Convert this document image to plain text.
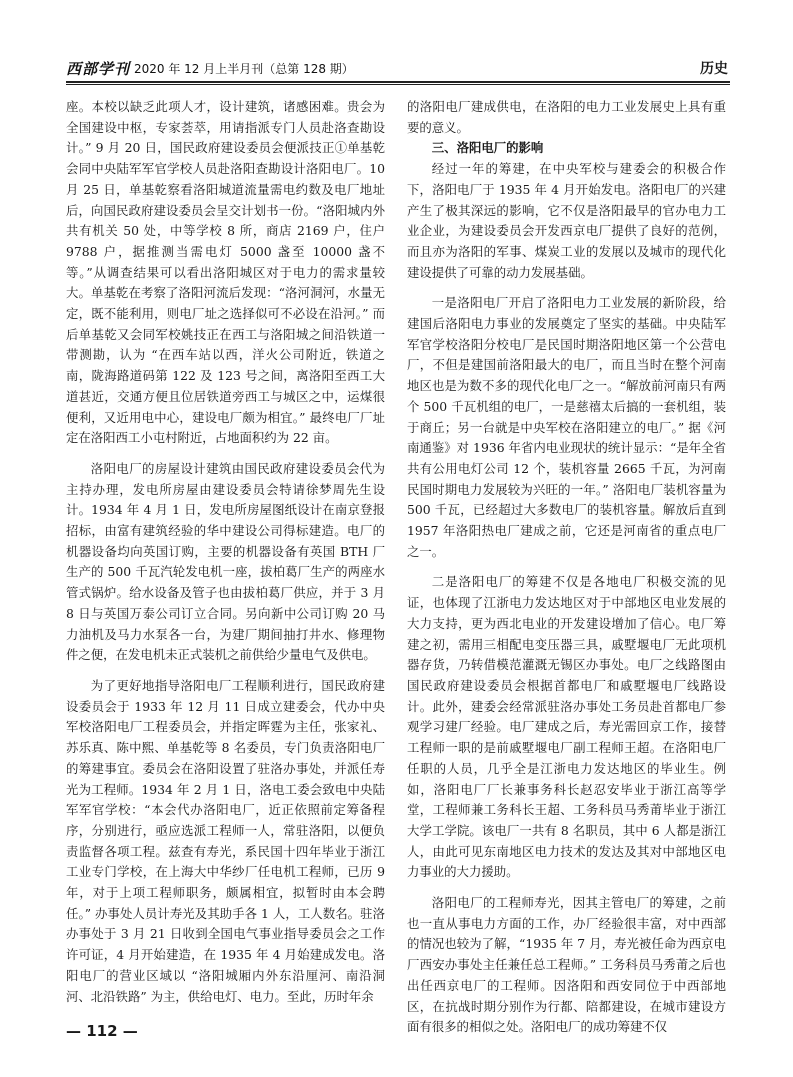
西部学刊 2020 年 12 月上半月刊（总第 128 期）	历史

座。本校以缺乏此项人才，设计建筑，诸感困难。贵会为全国建设中枢，专家荟萃，用请指派专门人员赴洛查勘设计。” 9 月 20 日，国民政府建设委员会便派技正①单基乾会同中央陆军军官学校人员赴洛阳查勘设计洛阳电厂。10 月 25 日，单基乾察看洛阳城道流量需电约数及电厂地址后，向国民政府建设委员会呈交计划书一份。“洛阳城内外共有机关 50 处，中等学校 8 所，商店 2169 户，住户 9788 户，据推测当需电灯 5000 盏至 10000 盏不等。”从调查结果可以看出洛阳城区对于电力的需求量较大。单基乾在考察了洛阳河流后发现：“洛河洞河，水量无定，既不能利用，则电厂址之选择似可不必设在沿河。” 而后单基乾又会同军校姚技正在西工与洛阳城之间沿铁道一带测勘，认为 “在西车站以西，洋火公司附近，铁道之南，陇海路道码第 122 及 123 号之间，离洛阳至西工大道甚近，交通方便且位居铁道旁西工与城区之中，运煤很便利，又近用电中心，建设电厂颇为相宜。” 最终电厂厂址定在洛阳西工小屯村附近，占地面积约为 22 亩。

洛阳电厂的房屋设计建筑由国民政府建设委员会代为主持办理，发电所房屋由建设委员会特请徐梦周先生设计。1934 年 4 月 1 日，发电所房屋图纸设计在南京登报招标，由富有建筑经验的华中建设公司得标建造。电厂的机器设备均向英国订购，主要的机器设备有英国 BTH 厂生产的 500 千瓦汽轮发电机一座，拔柏葛厂生产的两座水管式锅炉。给水设备及管子也由拔柏葛厂供应，并于 3 月 8 日与英国万泰公司订立合同。另向新中公司订购 20 马力油机及马力水泵各一台，为建厂期间抽打井水、修理物件之便，在发电机未正式装机之前供给少量电气及供电。

为了更好地指导洛阳电厂工程顺利进行，国民政府建设委员会于 1933 年 12 月 11 日成立建委会，代办中央军校洛阳电厂工程委员会，并指定晖霆为主任，张家礼、苏乐真、陈中熙、单基乾等 8 名委员，专门负责洛阳电厂的筹建事宜。委员会在洛阳设置了驻洛办事处，并派任寿光为工程师。1934 年 2 月 1 日，洛电工委会致电中央陆军军官学校：“本会代办洛阳电厂，近正依照前定筹备程序，分别进行，亟应选派工程师一人，常驻洛阳，以便负责监督各项工程。兹查有寿光，系民国十四年毕业于浙江工业专门学校，在上海大中华纱厂任电机工程师，已历 9 年，对于上项工程师职务，颇属相宜，拟暂时由本会聘任。” 办事处人员计寿光及其助手各 1 人，工人数名。驻洛办事处于 3 月 21 日收到全国电气事业指导委员会之工作许可证，4 月开始建造，在 1935 年 4 月始建成发电。洛阳电厂的营业区域以 “洛阳城厢内外东沿厘河、南沿洞河、北沿铁路” 为主，供给电灯、电力。至此，历时年余

的洛阳电厂建成供电，在洛阳的电力工业发展史上具有重要的意义。

三、洛阳电厂的影响

经过一年的筹建，在中央军校与建委会的积极合作下，洛阳电厂于 1935 年 4 月开始发电。洛阳电厂的兴建产生了极其深远的影响，它不仅是洛阳最早的官办电力工业企业，为建设委员会开发西京电厂提供了良好的范例，而且亦为洛阳的军事、煤炭工业的发展以及城市的现代化建设提供了可靠的动力发展基础。

一是洛阳电厂开启了洛阳电力工业发展的新阶段，给建国后洛阳电力事业的发展奠定了坚实的基础。中央陆军军官学校洛阳分校电厂是民国时期洛阳地区第一个公营电厂，不但是建国前洛阳最大的电厂，而且当时在整个河南地区也是为数不多的现代化电厂之一。“解放前河南只有两个 500 千瓦机组的电厂，一是慈禧太后搞的一套机组，装于商丘；另一台就是中央军校在洛阳建立的电厂。” 据《河南通鉴》对 1936 年省内电业现状的统计显示：“是年全省共有公用电灯公司 12 个，装机容量 2665 千瓦，为河南民国时期电力发展较为兴旺的一年。” 洛阳电厂装机容量为 500 千瓦，已经超过大多数电厂的装机容量。解放后直到 1957 年洛阳热电厂建成之前，它还是河南省的重点电厂之一。

二是洛阳电厂的筹建不仅是各地电厂积极交流的见证，也体现了江浙电力发达地区对于中部地区电业发展的大力支持，更为西北电业的开发建设增加了信心。电厂筹建之初，需用三相配电变压器三具，戚墅堰电厂无此项机器存货，乃转借模范灌溉无锡区办事处。电厂之线路图由国民政府建设委员会根据首都电厂和戚墅堰电厂线路设计。此外，建委会经常派驻洛办事处工务员赴首都电厂参观学习建厂经验。电厂建成之后，寿光需回京工作，接替工程师一职的是前戚墅堰电厂副工程师王超。在洛阳电厂任职的人员，几乎全是江浙电力发达地区的毕业生。例如，洛阳电厂厂长兼事务科长赵忍安毕业于浙江高等学堂，工程师兼工务科长王超、工务科员马秀莆毕业于浙江大学工学院。该电厂一共有 8 名职员，其中 6 人都是浙江人，由此可见东南地区电力技术的发达及其对中部地区电力事业的大力援助。

洛阳电厂的工程师寿光，因其主管电厂的筹建，之前也一直从事电力方面的工作，办厂经验很丰富，对中西部的情况也较为了解，“1935 年 7 月，寿光被任命为西京电厂西安办事处主任兼任总工程师。” 工务科员马秀莆之后也出任西京电厂的工程师。因洛阳和西安同位于中西部地区，在抗战时期分别作为行都、陪都建设，在城市建设方面有很多的相似之处。洛阳电厂的成功筹建不仅

— 112 —
